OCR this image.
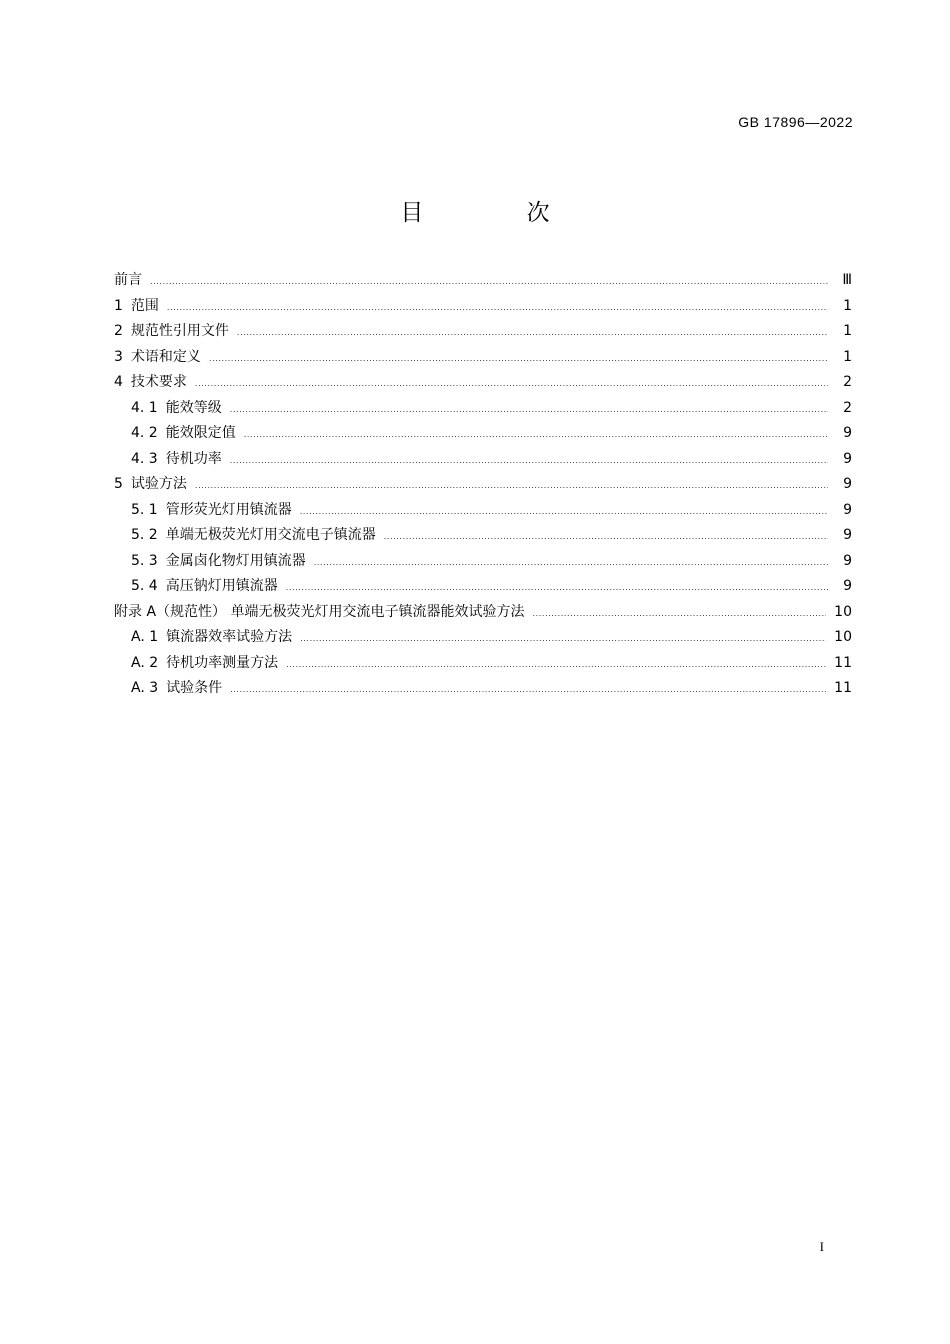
GB 17896—2022
目 次
前言 .....	Ⅲ
1 范围 .....	1
2 规范性引用文件 .....	1
3 术语和定义 .....	1
4 技术要求 .....	2
4. 1 能效等级 .....	2
4. 2 能效限定值 .....	9
4. 3 待机功率 .....	9
5 试验方法 .....	9
5. 1 管形荧光灯用镇流器 .....	9
5. 2 单端无极荧光灯用交流电子镇流器 .....	9
5. 3 金属卤化物灯用镇流器 .....	9
5. 4 高压钠灯用镇流器 .....	9
附录 A（规范性） 单端无极荧光灯用交流电子镇流器能效试验方法 .....	10
A. 1 镇流器效率试验方法 .....	10
A. 2 待机功率测量方法 .....	11
A. 3 试验条件 .....	11
I
